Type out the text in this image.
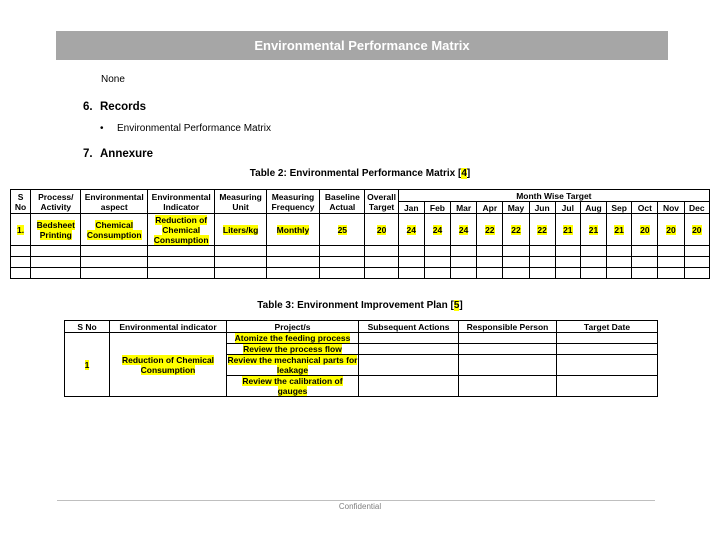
Environmental Performance Matrix
None
6. Records
• Environmental Performance Matrix
7. Annexure
Table 2: Environmental Performance Matrix [4]
S No	Process/ Activity	Environmental aspect	Environmental Indicator	Measuring Unit	Measuring Frequency	Baseline Actual	Overall Target	Month Wise Target											
								Jan	Feb	Mar	Apr	May	Jun	Jul	Aug	Sep	Oct	Nov	Dec
1.	Bedsheet Printing	Chemical Consumption	Reduction of Chemical Consumption	Liters/kg	Monthly	25	20	24	24	24	22	22	22	21	21	21	20	20	20

Table 3: Environment Improvement Plan [5]
S No	Environmental indicator	Project/s	Subsequent Actions	Responsible Person	Target Date
1	Reduction of Chemical Consumption	Atomize the feeding process			
		Review the process flow			
		Review the mechanical parts for leakage			
		Review the calibration of gauges			
Confidential
